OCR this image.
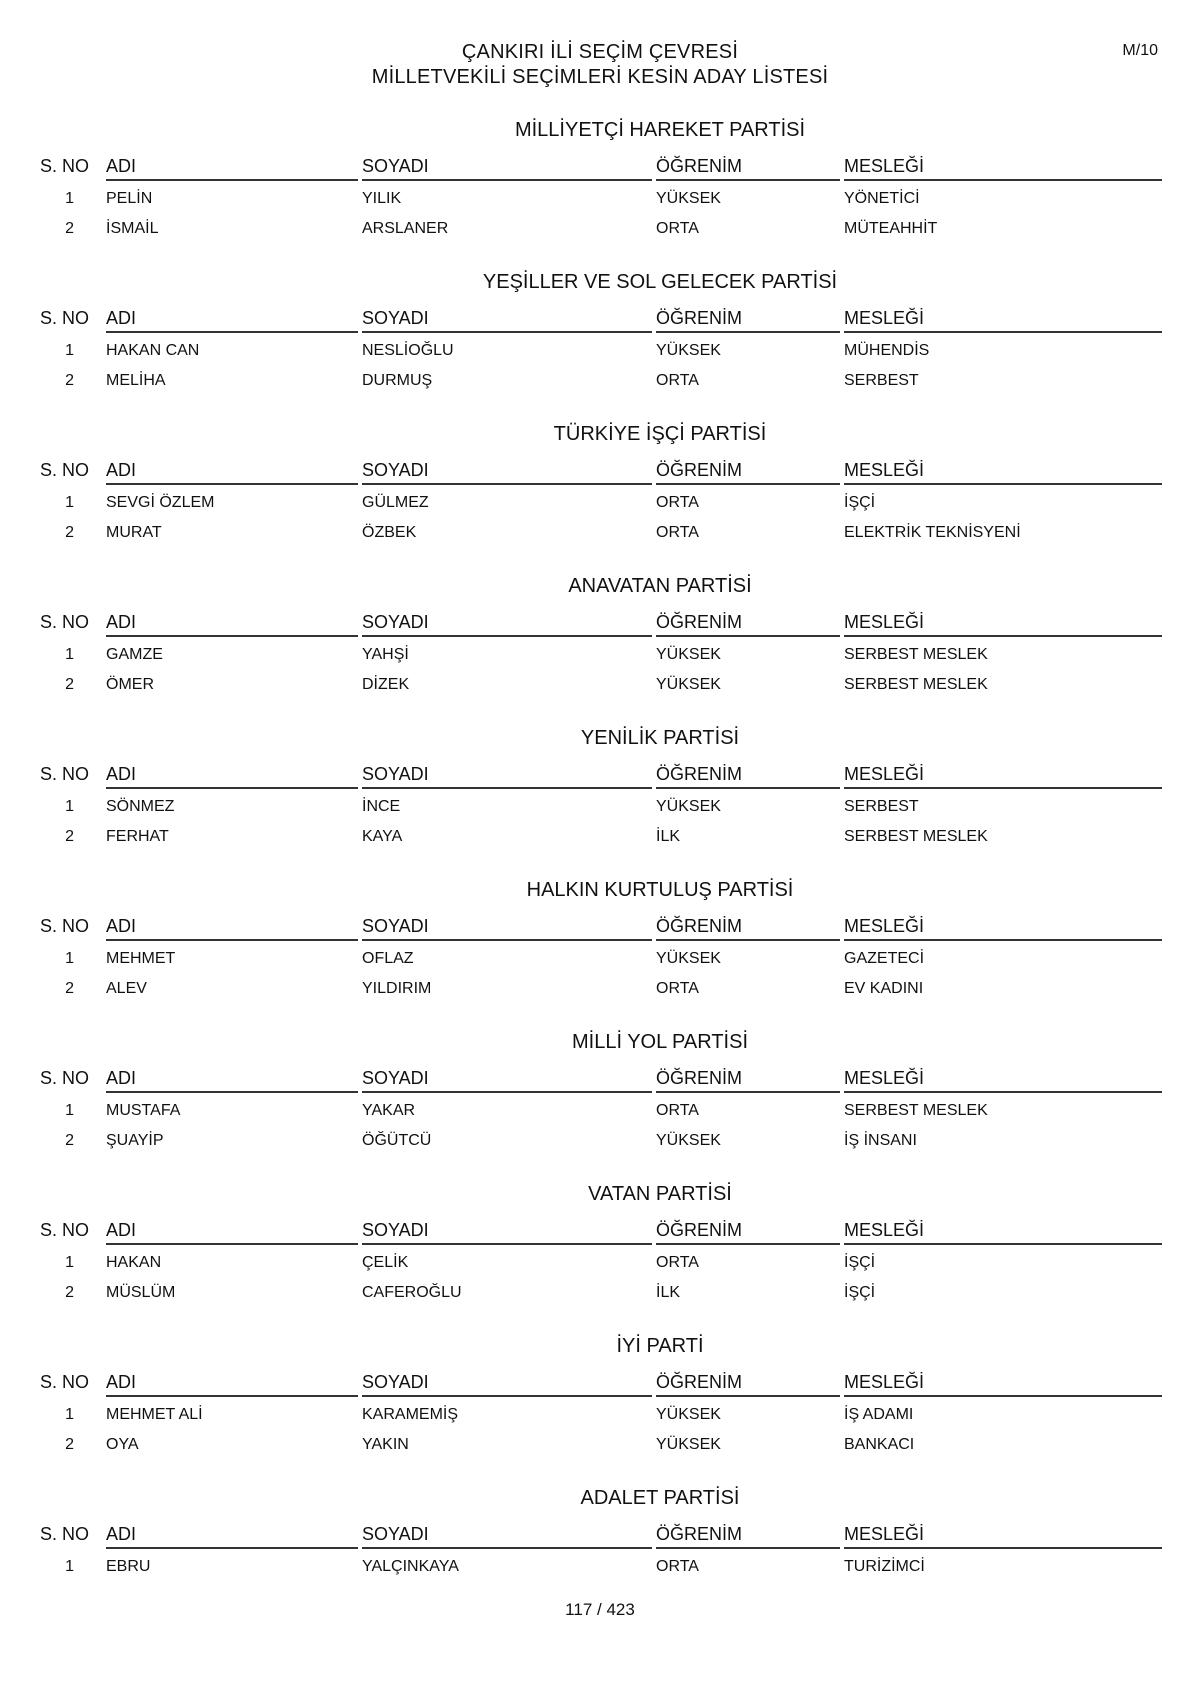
ÇANKIRI İLİ SEÇİM ÇEVRESİ
MİLLETVEKİLİ SEÇİMLERİ KESİN ADAY LİSTESİ
M/10
MİLLİYETÇİ HAREKET PARTİSİ
S. NO ADI	SOYADI	ÖĞRENİM	MESLEĞİ
1 PELİN	YILIK	YÜKSEK	YÖNETİCİ
2 İSMAİL	ARSLANER	ORTA	MÜTEAHHİT
YEŞİLLER VE SOL GELECEK PARTİSİ
S. NO ADI	SOYADI	ÖĞRENİM	MESLEĞİ
1 HAKAN CAN	NESLİOĞLU	YÜKSEK	MÜHENDİS
2 MELİHA	DURMUŞ	ORTA	SERBEST
TÜRKİYE İŞÇİ PARTİSİ
S. NO ADI	SOYADI	ÖĞRENİM	MESLEĞİ
1 SEVGİ ÖZLEM	GÜLMEZ	ORTA	İŞÇİ
2 MURAT	ÖZBEK	ORTA	ELEKTRİK TEKNİSYENİ
ANAVATAN PARTİSİ
S. NO ADI	SOYADI	ÖĞRENİM	MESLEĞİ
1 GAMZE	YAHŞİ	YÜKSEK	SERBEST MESLEK
2 ÖMER	DİZEK	YÜKSEK	SERBEST MESLEK
YENİLİK PARTİSİ
S. NO ADI	SOYADI	ÖĞRENİM	MESLEĞİ
1 SÖNMEZ	İNCE	YÜKSEK	SERBEST
2 FERHAT	KAYA	İLK	SERBEST MESLEK
HALKIN KURTULUŞ PARTİSİ
S. NO ADI	SOYADI	ÖĞRENİM	MESLEĞİ
1 MEHMET	OFLAZ	YÜKSEK	GAZETECİ
2 ALEV	YILDIRIM	ORTA	EV KADINI
MİLLİ YOL PARTİSİ
S. NO ADI	SOYADI	ÖĞRENİM	MESLEĞİ
1 MUSTAFA	YAKAR	ORTA	SERBEST MESLEK
2 ŞUAYİP	ÖĞÜTCÜ	YÜKSEK	İŞ İNSANI
VATAN PARTİSİ
S. NO ADI	SOYADI	ÖĞRENİM	MESLEĞİ
1 HAKAN	ÇELİK	ORTA	İŞÇİ
2 MÜSLÜM	CAFEROĞLU	İLK	İŞÇİ
İYİ PARTİ
S. NO ADI	SOYADI	ÖĞRENİM	MESLEĞİ
1 MEHMET ALİ	KARAMEMİŞ	YÜKSEK	İŞ ADAMI
2 OYA	YAKIN	YÜKSEK	BANKACI
ADALET PARTİSİ
S. NO ADI	SOYADI	ÖĞRENİM	MESLEĞİ
1 EBRU	YALÇINKAYA	ORTA	TURİZİMCİ
117 / 423
